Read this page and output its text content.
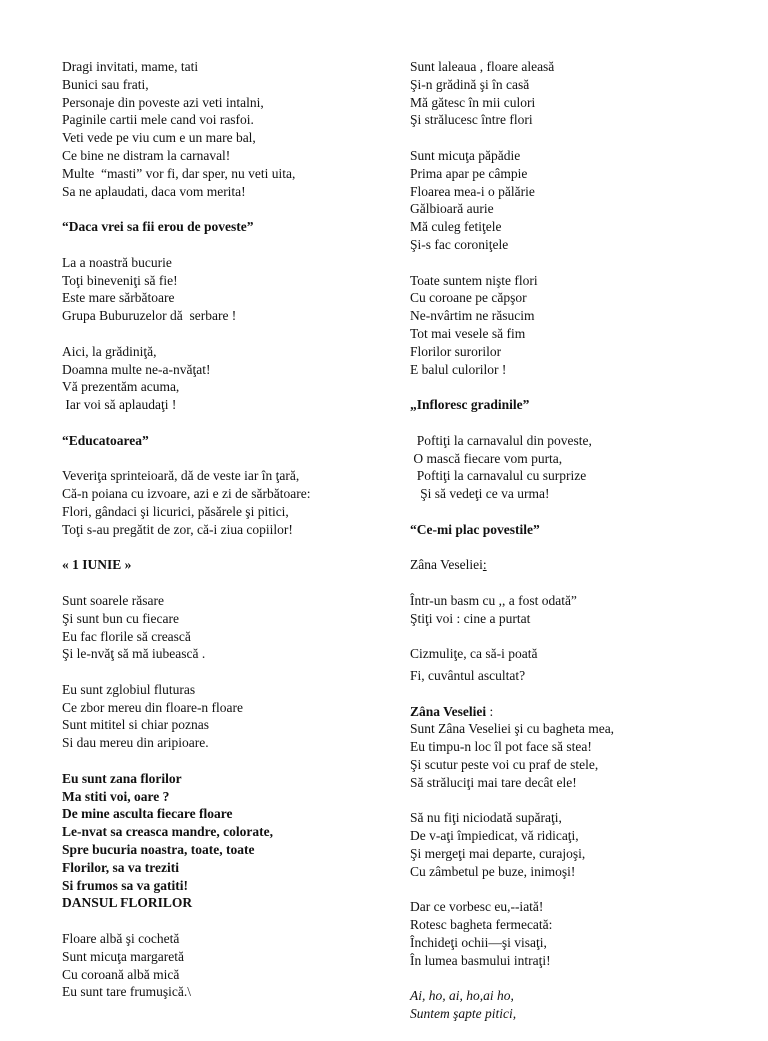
Dragi invitati, mame, tati
Bunici sau frati,
Personaje din poveste azi veti intalni,
Paginile cartii mele cand voi rasfoi.
Veti vede pe viu cum e un mare bal,
Ce bine ne distram la carnaval!
Multe  “masti” vor fi, dar sper, nu veti uita,
Sa ne aplaudati, daca vom merita!
“Daca vrei sa fii erou de poveste”
La a noastră bucurie
Toţi bineveniţi să fie!
Este mare sărbătoare
Grupa Buburuzelor dă  serbare !
Aici, la grădiniţă,
Doamna multe ne-a-nvăţat!
Vă prezentăm acuma,
Iar voi să aplaudaţi !
“Educatoarea”
Veveriţa sprinteioară, dă de veste iar în ţară,
Că-n poiana cu izvoare, azi e zi de sărbătoare:
Flori, gândaci şi licurici, păsărele şi pitici,
Toţi s-au pregătit de zor, că-i ziua copiilor!
« 1 IUNIE »
Sunt soarele răsare
Şi sunt bun cu fiecare
Eu fac florile să crească
Şi le-nvăţ să mă iubească .
Eu sunt zglobiul fluturas
Ce zbor mereu din floare-n floare
Sunt mititel si chiar poznas
Si dau mereu din aripioare.
Eu sunt zana florilor
Ma stiti voi, oare ?
De mine asculta fiecare floare
Le-nvat sa creasca mandre, colorate,
Spre bucuria noastra, toate, toate
Florilor, sa va treziti
Si frumos sa va gatiti!
DANSUL FLORILOR
Floare albă şi cochetă
Sunt micuţa margaretă
Cu coroană albă mică
Eu sunt tare frumuşică.\
Sunt laleaua , floare aleasă
Şi-n grădină şi în casă
Mă gătesc în mii culori
Şi strălucesc între flori
Sunt micuţa păpădie
Prima apar pe câmpie
Floarea mea-i o pălărie
Gălbioară aurie
Mă culeg fetiţele
Şi-s fac coroniţele
Toate suntem nişte flori
Cu coroane pe căpşor
Ne-nvârtim ne răsucim
Tot mai vesele să fim
Florilor surorilor
E balul culorilor !
„Infloresc gradinile”
Poftiţi la carnavalul din poveste,
O mască fiecare vom purta,
Poftiţi la carnavalul cu surprize
Şi să vedeţi ce va urma!
“Ce-mi plac povestile”
Zâna Veseliei:
Într-un basm cu ,, a fost odată”
Ştiţi voi : cine a purtat
Cizmuliţe, ca să-i poată
Fi, cuvântul ascultat?
Zâna Veseliei :
Sunt Zâna Veseliei şi cu bagheta mea,
Eu timpu-n loc îl pot face să stea!
Şi scutur peste voi cu praf de stele,
Să străluciţi mai tare decât ele!
Să nu fiţi niciodată supăraţi,
De v-aţi împiedicat, vă ridicaţi,
Şi mergeţi mai departe, curajoşi,
Cu zâmbetul pe buze, inimoşi!
Dar ce vorbesc eu,--iată!
Rotesc bagheta fermecată:
Închideţi ochii—şi visaţi,
În lumea basmului intraţi!
Ai, ho, ai, ho,ai ho,
Suntem şapte pitici,
